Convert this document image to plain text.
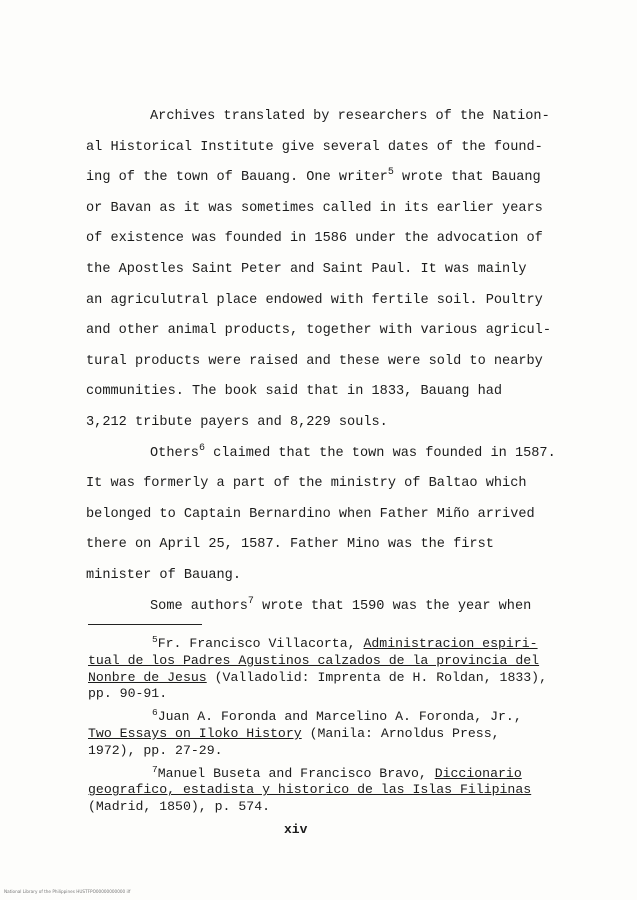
Archives translated by researchers of the Nation-
al Historical Institute give several dates of the found-
ing of the town of Bauang. One writer$^5$ wrote that Bauang
or Bavan as it was sometimes called in its earlier years
of existence was founded in 1586 under the advocation of
the Apostles Saint Peter and Saint Paul. It was mainly
an agriculutral place endowed with fertile soil. Poultry
and other animal products, together with various agricul-
tural products were raised and these were sold to nearby
communities. The book said that in 1833, Bauang had
3,212 tribute payers and 8,229 souls.
Others$^6$ claimed that the town was founded in 1587.
It was formerly a part of the ministry of Baltao which
belonged to Captain Bernardino when Father Miño arrived
there on April 25, 1587. Father Mino was the first
minister of Bauang.
Some authors$^7$ wrote that 1590 was the year when
$^5$Fr. Francisco Villacorta, Administracion espiri-
tual de los Padres Agustinos calzados de la provincia del
Nonbre de Jesus (Valladolid: Imprenta de H. Roldan, 1833),
pp. 90-91.
$^6$Juan A. Foronda and Marcelino A. Foronda, Jr.,
Two Essays on Iloko History (Manila: Arnoldus Press,
1972), pp. 27-29.
$^7$Manuel Buseta and Francisco Bravo, Diccionario
geografico, estadista y historico de las Islas Filipinas
(Madrid, 1850), p. 574.
xiv
National Library of the Philippines HUSTFPO00000000000 ilf
